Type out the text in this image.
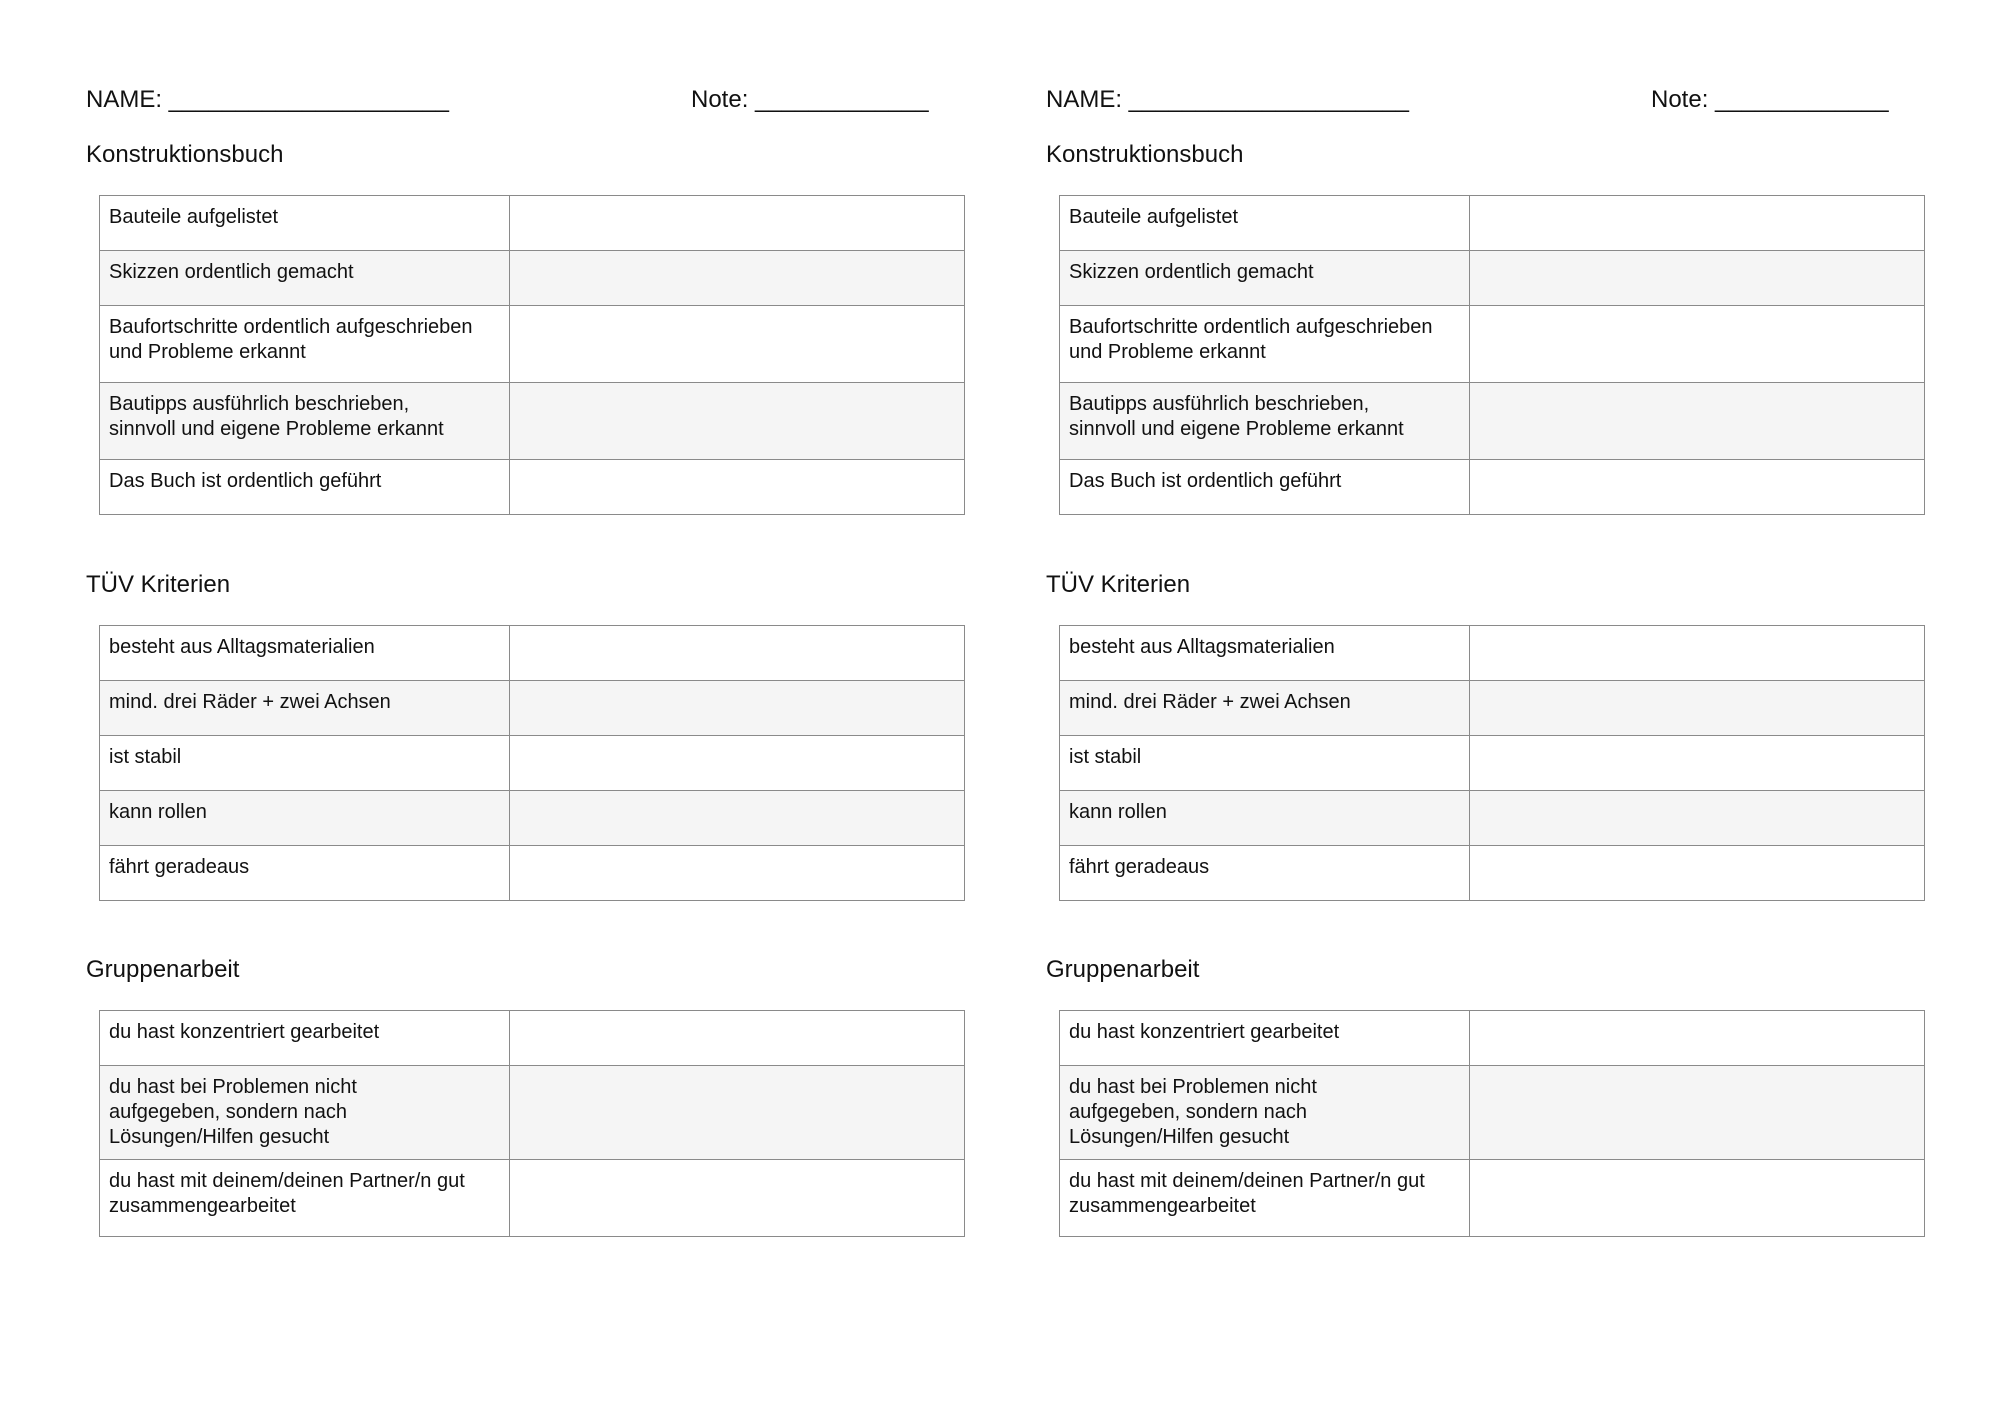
NAME: _____________________	Note: _____________
Konstruktionsbuch
Bauteile aufgelistet	
Skizzen ordentlich gemacht	
Baufortschritte ordentlich aufgeschrieben
und Probleme erkannt	
Bautipps ausführlich beschrieben,
sinnvoll und eigene Probleme erkannt	
Das Buch ist ordentlich geführt	
TÜV Kriterien
besteht aus Alltagsmaterialien	
mind. drei Räder + zwei Achsen	
ist stabil	
kann rollen	
fährt geradeaus	
Gruppenarbeit
du hast konzentriert gearbeitet	
du hast bei Problemen nicht
aufgegeben, sondern nach
Lösungen/Hilfen gesucht	
du hast mit deinem/deinen Partner/n gut
zusammengearbeitet	
NAME: _____________________	Note: _____________
Konstruktionsbuch
Bauteile aufgelistet	
Skizzen ordentlich gemacht	
Baufortschritte ordentlich aufgeschrieben
und Probleme erkannt	
Bautipps ausführlich beschrieben,
sinnvoll und eigene Probleme erkannt	
Das Buch ist ordentlich geführt	
TÜV Kriterien
besteht aus Alltagsmaterialien	
mind. drei Räder + zwei Achsen	
ist stabil	
kann rollen	
fährt geradeaus	
Gruppenarbeit
du hast konzentriert gearbeitet	
du hast bei Problemen nicht
aufgegeben, sondern nach
Lösungen/Hilfen gesucht	
du hast mit deinem/deinen Partner/n gut
zusammengearbeitet	
